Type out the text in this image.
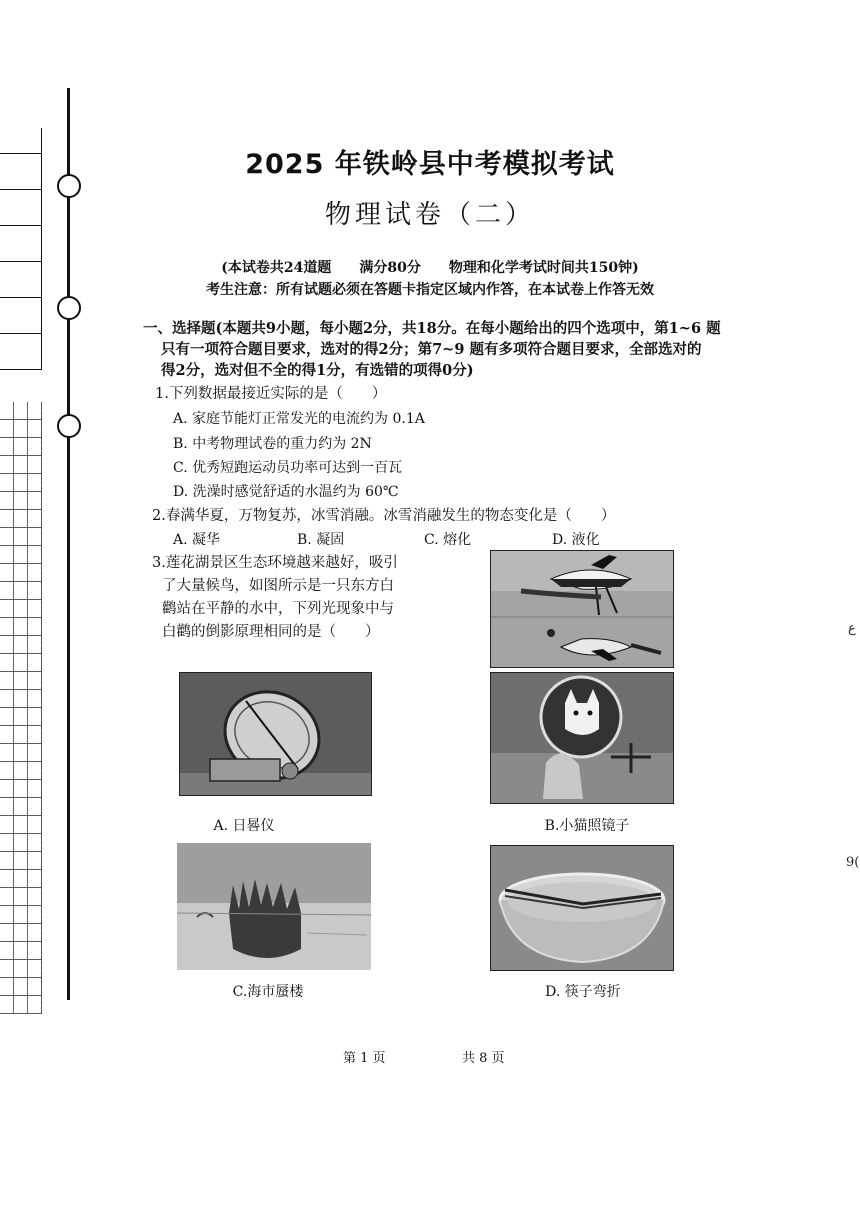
2025 年铁岭县中考模拟考试
物理试卷（二）
(本试卷共24道题　　满分80分　　物理和化学考试时间共150钟)
考生注意：所有试题必须在答题卡指定区域内作答，在本试卷上作答无效
一、选择题(本题共9小题，每小题2分，共18分。在每小题给出的四个选项中，第1~6 题
只有一项符合题目要求，选对的得2分；第7~9 题有多项符合题目要求，全部选对的
得2分，选对但不全的得1分，有选错的项得0分)
1.下列数据最接近实际的是（　　）
A. 家庭节能灯正常发光的电流约为 0.1A
B. 中考物理试卷的重力约为 2N
C. 优秀短跑运动员功率可达到一百瓦
D. 洗澡时感觉舒适的水温约为 60℃
2.春满华夏，万物复苏，冰雪消融。冰雪消融发生的物态变化是（　　）
A. 凝华	B. 凝固	C. 熔化	D. 液化
3.莲花湖景区生态环境越来越好，吸引
了大量候鸟，如图所示是一只东方白
鹳站在平静的水中，下列光现象中与
白鹳的倒影原理相同的是（　　）
A. 日晷仪	B.小猫照镜子
C.海市蜃楼	D. 筷子弯折
第 1 页	共 8 页
ع
9(
